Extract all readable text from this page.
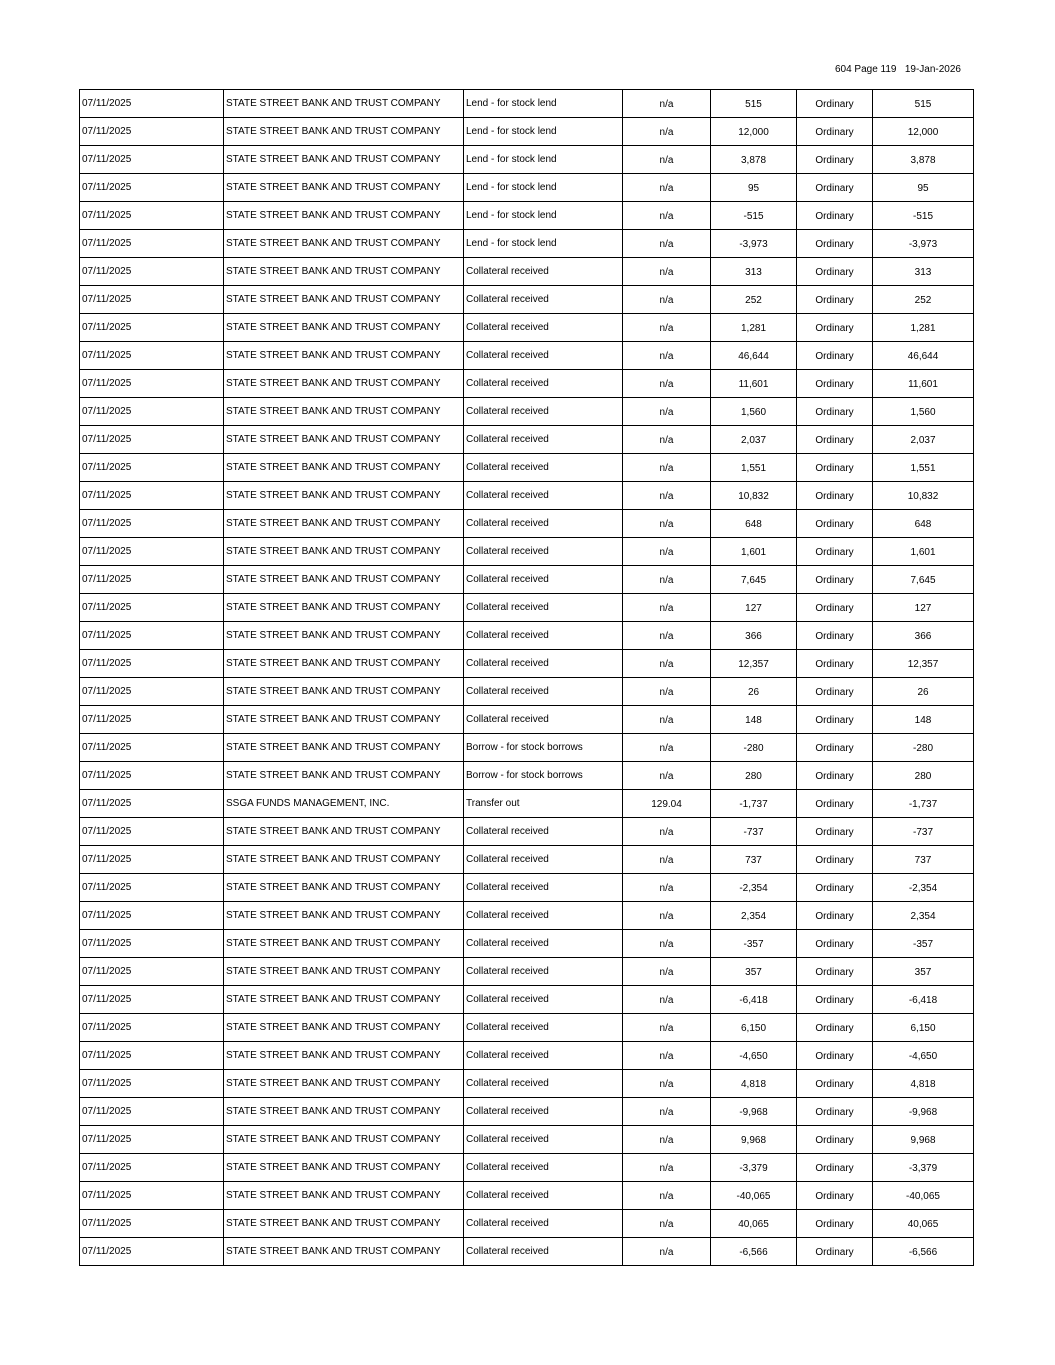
604 Page 119 19-Jan-2026
07/11/2025	STATE STREET BANK AND TRUST COMPANY	Lend - for stock lend	n/a	515	Ordinary	515
07/11/2025	STATE STREET BANK AND TRUST COMPANY	Lend - for stock lend	n/a	12,000	Ordinary	12,000
07/11/2025	STATE STREET BANK AND TRUST COMPANY	Lend - for stock lend	n/a	3,878	Ordinary	3,878
07/11/2025	STATE STREET BANK AND TRUST COMPANY	Lend - for stock lend	n/a	95	Ordinary	95
07/11/2025	STATE STREET BANK AND TRUST COMPANY	Lend - for stock lend	n/a	-515	Ordinary	-515
07/11/2025	STATE STREET BANK AND TRUST COMPANY	Lend - for stock lend	n/a	-3,973	Ordinary	-3,973
07/11/2025	STATE STREET BANK AND TRUST COMPANY	Collateral received	n/a	313	Ordinary	313
07/11/2025	STATE STREET BANK AND TRUST COMPANY	Collateral received	n/a	252	Ordinary	252
07/11/2025	STATE STREET BANK AND TRUST COMPANY	Collateral received	n/a	1,281	Ordinary	1,281
07/11/2025	STATE STREET BANK AND TRUST COMPANY	Collateral received	n/a	46,644	Ordinary	46,644
07/11/2025	STATE STREET BANK AND TRUST COMPANY	Collateral received	n/a	11,601	Ordinary	11,601
07/11/2025	STATE STREET BANK AND TRUST COMPANY	Collateral received	n/a	1,560	Ordinary	1,560
07/11/2025	STATE STREET BANK AND TRUST COMPANY	Collateral received	n/a	2,037	Ordinary	2,037
07/11/2025	STATE STREET BANK AND TRUST COMPANY	Collateral received	n/a	1,551	Ordinary	1,551
07/11/2025	STATE STREET BANK AND TRUST COMPANY	Collateral received	n/a	10,832	Ordinary	10,832
07/11/2025	STATE STREET BANK AND TRUST COMPANY	Collateral received	n/a	648	Ordinary	648
07/11/2025	STATE STREET BANK AND TRUST COMPANY	Collateral received	n/a	1,601	Ordinary	1,601
07/11/2025	STATE STREET BANK AND TRUST COMPANY	Collateral received	n/a	7,645	Ordinary	7,645
07/11/2025	STATE STREET BANK AND TRUST COMPANY	Collateral received	n/a	127	Ordinary	127
07/11/2025	STATE STREET BANK AND TRUST COMPANY	Collateral received	n/a	366	Ordinary	366
07/11/2025	STATE STREET BANK AND TRUST COMPANY	Collateral received	n/a	12,357	Ordinary	12,357
07/11/2025	STATE STREET BANK AND TRUST COMPANY	Collateral received	n/a	26	Ordinary	26
07/11/2025	STATE STREET BANK AND TRUST COMPANY	Collateral received	n/a	148	Ordinary	148
07/11/2025	STATE STREET BANK AND TRUST COMPANY	Borrow - for stock borrows	n/a	-280	Ordinary	-280
07/11/2025	STATE STREET BANK AND TRUST COMPANY	Borrow - for stock borrows	n/a	280	Ordinary	280
07/11/2025	SSGA FUNDS MANAGEMENT, INC.	Transfer out	129.04	-1,737	Ordinary	-1,737
07/11/2025	STATE STREET BANK AND TRUST COMPANY	Collateral received	n/a	-737	Ordinary	-737
07/11/2025	STATE STREET BANK AND TRUST COMPANY	Collateral received	n/a	737	Ordinary	737
07/11/2025	STATE STREET BANK AND TRUST COMPANY	Collateral received	n/a	-2,354	Ordinary	-2,354
07/11/2025	STATE STREET BANK AND TRUST COMPANY	Collateral received	n/a	2,354	Ordinary	2,354
07/11/2025	STATE STREET BANK AND TRUST COMPANY	Collateral received	n/a	-357	Ordinary	-357
07/11/2025	STATE STREET BANK AND TRUST COMPANY	Collateral received	n/a	357	Ordinary	357
07/11/2025	STATE STREET BANK AND TRUST COMPANY	Collateral received	n/a	-6,418	Ordinary	-6,418
07/11/2025	STATE STREET BANK AND TRUST COMPANY	Collateral received	n/a	6,150	Ordinary	6,150
07/11/2025	STATE STREET BANK AND TRUST COMPANY	Collateral received	n/a	-4,650	Ordinary	-4,650
07/11/2025	STATE STREET BANK AND TRUST COMPANY	Collateral received	n/a	4,818	Ordinary	4,818
07/11/2025	STATE STREET BANK AND TRUST COMPANY	Collateral received	n/a	-9,968	Ordinary	-9,968
07/11/2025	STATE STREET BANK AND TRUST COMPANY	Collateral received	n/a	9,968	Ordinary	9,968
07/11/2025	STATE STREET BANK AND TRUST COMPANY	Collateral received	n/a	-3,379	Ordinary	-3,379
07/11/2025	STATE STREET BANK AND TRUST COMPANY	Collateral received	n/a	-40,065	Ordinary	-40,065
07/11/2025	STATE STREET BANK AND TRUST COMPANY	Collateral received	n/a	40,065	Ordinary	40,065
07/11/2025	STATE STREET BANK AND TRUST COMPANY	Collateral received	n/a	-6,566	Ordinary	-6,566
